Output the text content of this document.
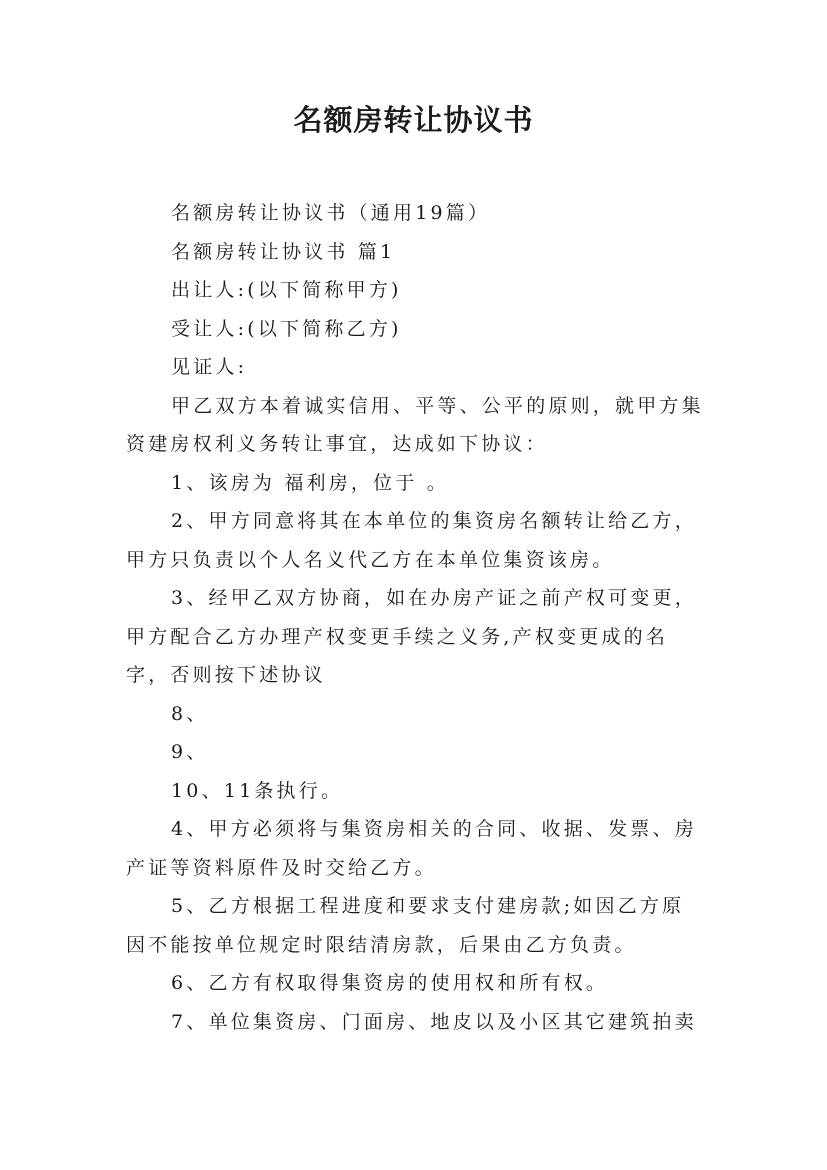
名额房转让协议书

名额房转让协议书（通用19篇）

名额房转让协议书 篇1

出让人:(以下简称甲方)

受让人:(以下简称乙方)

见证人:

甲乙双方本着诚实信用、平等、公平的原则，就甲方集资建房权利义务转让事宜，达成如下协议：

1、该房为 福利房，位于 。

2、甲方同意将其在本单位的集资房名额转让给乙方，甲方只负责以个人名义代乙方在本单位集资该房。

3、经甲乙双方协商，如在办房产证之前产权可变更，甲方配合乙方办理产权变更手续之义务,产权变更成的名字，否则按下述协议

8、

9、

10、11条执行。

4、甲方必须将与集资房相关的合同、收据、发票、房产证等资料原件及时交给乙方。

5、乙方根据工程进度和要求支付建房款;如因乙方原因不能按单位规定时限结清房款，后果由乙方负责。

6、乙方有权取得集资房的使用权和所有权。

7、单位集资房、门面房、地皮以及小区其它建筑拍卖
